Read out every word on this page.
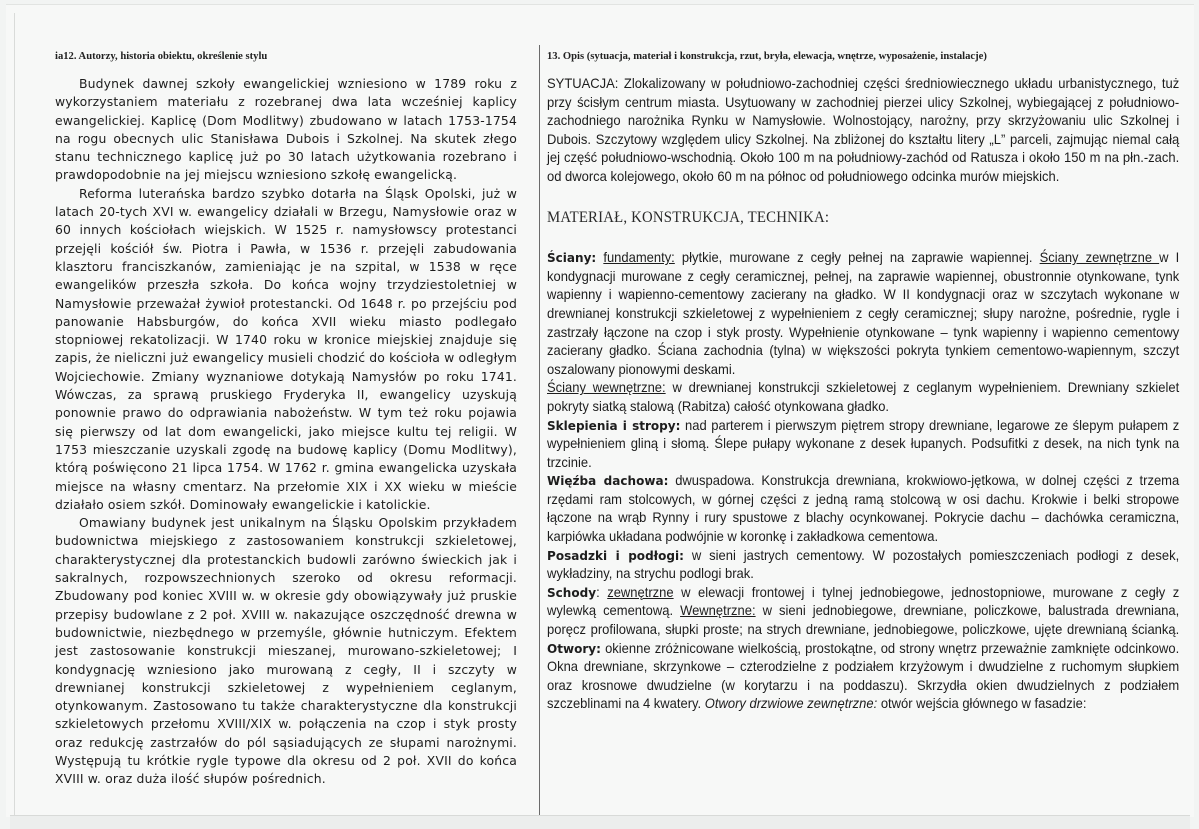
ia12. Autorzy, historia obiektu, określenie stylu

Budynek dawnej szkoły ewangelickiej wzniesiono w 1789 roku z wykorzystaniem materiału z rozebranej dwa lata wcześniej kaplicy ewangelickiej. Kaplicę (Dom Modlitwy) zbudowano w latach 1753-1754 na rogu obecnych ulic Stanisława Dubois i Szkolnej. Na skutek złego stanu technicznego kaplicę już po 30 latach użytkowania rozebrano i prawdopodobnie na jej miejscu wzniesiono szkołę ewangelicką.

Reforma luterańska bardzo szybko dotarła na Śląsk Opolski, już w latach 20-tych XVI w. ewangelicy działali w Brzegu, Namysłowie oraz w 60 innych kościołach wiejskich. W 1525 r. namysłowscy protestanci przejęli kościół św. Piotra i Pawła, w 1536 r. przejęli zabudowania klasztoru franciszkanów, zamieniając je na szpital, w 1538 w ręce ewangelików przeszła szkoła. Do końca wojny trzydziestoletniej w Namysłowie przeważał żywioł protestancki. Od 1648 r. po przejściu pod panowanie Habsburgów, do końca XVII wieku miasto podlegało stopniowej rekatolizacji. W 1740 roku w kronice miejskiej znajduje się zapis, że nieliczni już ewangelicy musieli chodzić do kościoła w odległym Wojciechowie. Zmiany wyznaniowe dotykają Namysłów po roku 1741. Wówczas, za sprawą pruskiego Fryderyka II, ewangelicy uzyskują ponownie prawo do odprawiania nabożeństw. W tym też roku pojawia się pierwszy od lat dom ewangelicki, jako miejsce kultu tej religii. W 1753 mieszczanie uzyskali zgodę na budowę kaplicy (Domu Modlitwy), którą poświęcono 21 lipca 1754. W 1762 r. gmina ewangelicka uzyskała miejsce na własny cmentarz. Na przełomie XIX i XX wieku w mieście działało osiem szkół. Dominowały ewangelickie i katolickie.

Omawiany budynek jest unikalnym na Śląsku Opolskim przykładem budownictwa miejskiego z zastosowaniem konstrukcji szkieletowej, charakterystycznej dla protestanckich budowli zarówno świeckich jak i sakralnych, rozpowszechnionych szeroko od okresu reformacji. Zbudowany pod koniec XVIII w. w okresie gdy obowiązywały już pruskie przepisy budowlane z 2 poł. XVIII w. nakazujące oszczędność drewna w budownictwie, niezbędnego w przemyśle, głównie hutniczym. Efektem jest zastosowanie konstrukcji mieszanej, murowano-szkieletowej; I kondygnację wzniesiono jako murowaną z cegły, II i szczyty w drewnianej konstrukcji szkieletowej z wypełnieniem ceglanym, otynkowanym. Zastosowano tu także charakterystyczne dla konstrukcji szkieletowych przełomu XVIII/XIX w. połączenia na czop i styk prosty oraz redukcję zastrzałów do pól sąsiadujących ze słupami narożnymi. Występują tu krótkie rygle typowe dla okresu od 2 poł. XVII do końca XVIII w. oraz duża ilość słupów pośrednich.

13. Opis (sytuacja, materiał i konstrukcja, rzut, bryła, elewacja, wnętrze, wyposażenie, instalacje)

SYTUACJA: Zlokalizowany w południowo-zachodniej części średniowiecznego układu urbanistycznego, tuż przy ścisłym centrum miasta. Usytuowany w zachodniej pierzei ulicy Szkolnej, wybiegającej z południowo-zachodniego narożnika Rynku w Namysłowie. Wolnostojący, narożny, przy skrzyżowaniu ulic Szkolnej i Dubois. Szczytowy względem ulicy Szkolnej. Na zbliżonej do kształtu litery „L” parceli, zajmując niemal całą jej część południowo-wschodnią. Około 100 m na południowy-zachód od Ratusza i około 150 m na płn.-zach. od dworca kolejowego, około 60 m na północ od południowego odcinka murów miejskich.

MATERIAŁ, KONSTRUKCJA, TECHNIKA:

Ściany: fundamenty: płytkie, murowane z cegły pełnej na zaprawie wapiennej. Ściany zewnętrzne w I kondygnacji murowane z cegły ceramicznej, pełnej, na zaprawie wapiennej, obustronnie otynkowane, tynk wapienny i wapienno-cementowy zacierany na gładko. W II kondygnacji oraz w szczytach wykonane w drewnianej konstrukcji szkieletowej z wypełnieniem z cegły ceramicznej; słupy narożne, pośrednie, rygle i zastrzały łączone na czop i styk prosty. Wypełnienie otynkowane – tynk wapienny i wapienno cementowy zacierany gładko. Ściana zachodnia (tylna) w większości pokryta tynkiem cementowo-wapiennym, szczyt oszalowany pionowymi deskami.

Ściany wewnętrzne: w drewnianej konstrukcji szkieletowej z ceglanym wypełnieniem. Drewniany szkielet pokryty siatką stalową (Rabitza) całość otynkowana gładko.

Sklepienia i stropy: nad parterem i pierwszym piętrem stropy drewniane, legarowe ze ślepym pułapem z wypełnieniem gliną i słomą. Ślepe pułapy wykonane z desek łupanych. Podsufitki z desek, na nich tynk na trzcinie.

Więźba dachowa: dwuspadowa. Konstrukcja drewniana, krokwiowo-jętkowa, w dolnej części z trzema rzędami ram stolcowych, w górnej części z jedną ramą stolcową w osi dachu. Krokwie i belki stropowe łączone na wrąb Rynny i rury spustowe z blachy ocynkowanej. Pokrycie dachu – dachówka ceramiczna, karpiówka układana podwójnie w koronkę i zakładkowa cementowa.

Posadzki i podłogi: w sieni jastrych cementowy. W pozostałych pomieszczeniach podłogi z desek, wykładziny, na strychu podlogi brak.

Schody: zewnętrzne w elewacji frontowej i tylnej jednobiegowe, jednostopniowe, murowane z cegły z wylewką cementową. Wewnętrzne: w sieni jednobiegowe, drewniane, policzkowe, balustrada drewniana, poręcz profilowana, słupki proste; na strych drewniane, jednobiegowe, policzkowe, ujęte drewnianą ścianką. Otwory: okienne zróżnicowane wielkością, prostokątne, od strony wnętrz przeważnie zamknięte odcinkowo. Okna drewniane, skrzynkowe – czterodzielne z podziałem krzyżowym i dwudzielne z ruchomym słupkiem oraz krosnowe dwudzielne (w korytarzu i na poddaszu). Skrzydła okien dwudzielnych z podziałem szczeblinami na 4 kwatery. Otwory drzwiowe zewnętrzne: otwór wejścia głównego w fasadzie:
